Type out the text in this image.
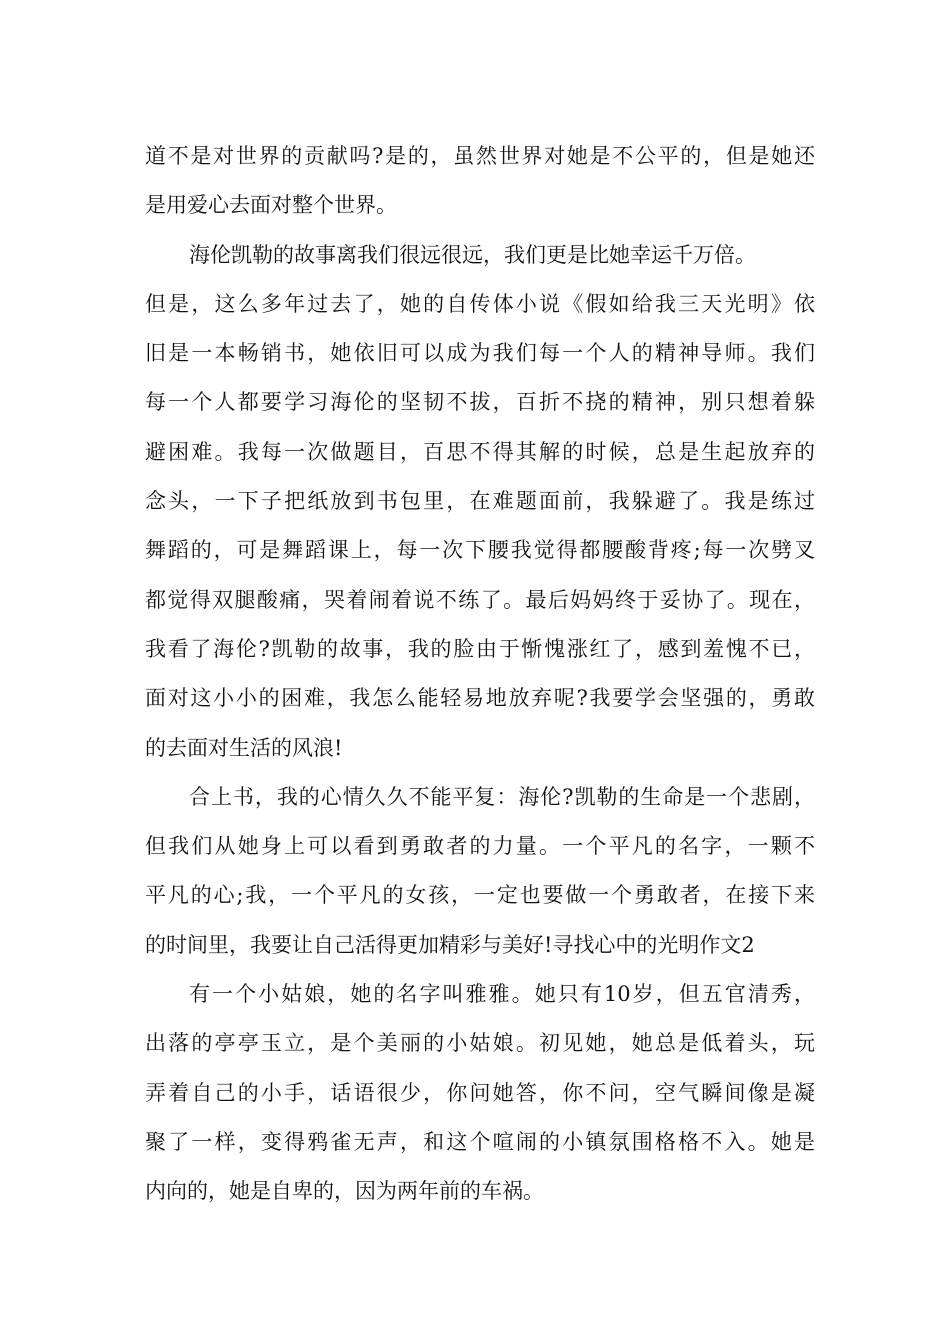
道不是对世界的贡献吗?是的，虽然世界对她是不公平的，但是她还
是用爱心去面对整个世界。
海伦凯勒的故事离我们很远很远，我们更是比她幸运千万倍。
但是，这么多年过去了，她的自传体小说《假如给我三天光明》依
旧是一本畅销书，她依旧可以成为我们每一个人的精神导师。我们
每一个人都要学习海伦的坚韧不拔，百折不挠的精神，别只想着躲
避困难。我每一次做题目，百思不得其解的时候，总是生起放弃的
念头，一下子把纸放到书包里，在难题面前，我躲避了。我是练过
舞蹈的，可是舞蹈课上，每一次下腰我觉得都腰酸背疼;每一次劈叉
都觉得双腿酸痛，哭着闹着说不练了。最后妈妈终于妥协了。现在，
我看了海伦?凯勒的故事，我的脸由于惭愧涨红了，感到羞愧不已，
面对这小小的困难，我怎么能轻易地放弃呢?我要学会坚强的，勇敢
的去面对生活的风浪!
合上书，我的心情久久不能平复：海伦?凯勒的生命是一个悲剧，
但我们从她身上可以看到勇敢者的力量。一个平凡的名字，一颗不
平凡的心;我，一个平凡的女孩，一定也要做一个勇敢者，在接下来
的时间里，我要让自己活得更加精彩与美好!寻找心中的光明作文2
有一个小姑娘，她的名字叫雅雅。她只有10岁，但五官清秀，
出落的亭亭玉立，是个美丽的小姑娘。初见她，她总是低着头，玩
弄着自己的小手，话语很少，你问她答，你不问，空气瞬间像是凝
聚了一样，变得鸦雀无声，和这个喧闹的小镇氛围格格不入。她是
内向的，她是自卑的，因为两年前的车祸。
